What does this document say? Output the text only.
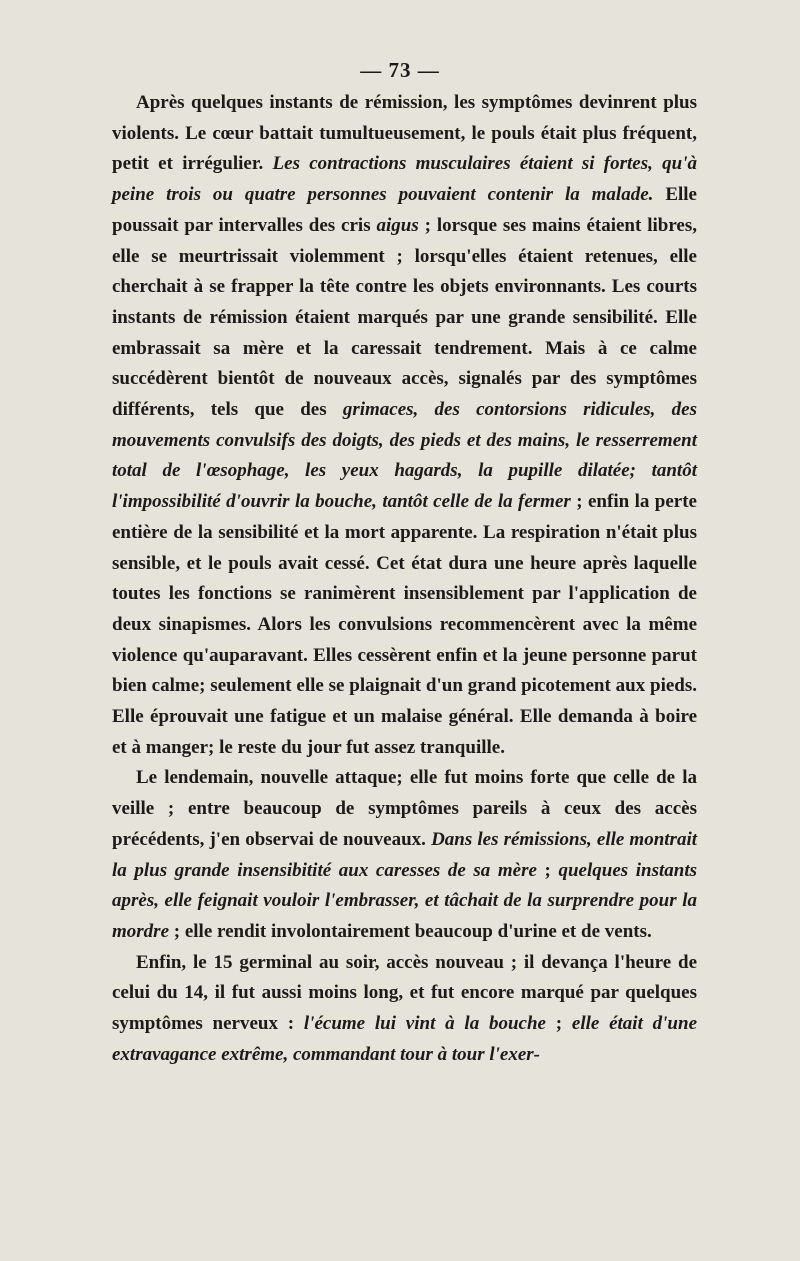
— 73 —

Après quelques instants de rémission, les symptômes devinrent plus violents. Le cœur battait tumultueusement, le pouls était plus fréquent, petit et irrégulier. Les contractions musculaires étaient si fortes, qu'à peine trois ou quatre personnes pouvaient contenir la malade. Elle poussait par intervalles des cris aigus ; lorsque ses mains étaient libres, elle se meurtrissait violemment ; lorsqu'elles étaient retenues, elle cherchait à se frapper la tête contre les objets environnants. Les courts instants de rémission étaient marqués par une grande sensibilité. Elle embrassait sa mère et la caressait tendrement. Mais à ce calme succédèrent bientôt de nouveaux accès, signalés par des symptômes différents, tels que des grimaces, des contorsions ridicules, des mouvements convulsifs des doigts, des pieds et des mains, le resserrement total de l'œsophage, les yeux hagards, la pupille dilatée; tantôt l'impossibilité d'ouvrir la bouche, tantôt celle de la fermer ; enfin la perte entière de la sensibilité et la mort apparente. La respiration n'était plus sensible, et le pouls avait cessé. Cet état dura une heure après laquelle toutes les fonctions se ranimèrent insensiblement par l'application de deux sinapismes. Alors les convulsions recommencèrent avec la même violence qu'auparavant. Elles cessèrent enfin et la jeune personne parut bien calme; seulement elle se plaignait d'un grand picotement aux pieds. Elle éprouvait une fatigue et un malaise général. Elle demanda à boire et à manger; le reste du jour fut assez tranquille.

Le lendemain, nouvelle attaque; elle fut moins forte que celle de la veille ; entre beaucoup de symptômes pareils à ceux des accès précédents, j'en observai de nouveaux. Dans les rémissions, elle montrait la plus grande insensibitité aux caresses de sa mère ; quelques instants après, elle feignait vouloir l'embrasser, et tâchait de la surprendre pour la mordre ; elle rendit involontairement beaucoup d'urine et de vents.

Enfin, le 15 germinal au soir, accès nouveau ; il devança l'heure de celui du 14, il fut aussi moins long, et fut encore marqué par quelques symptômes nerveux : l'écume lui vint à la bouche ; elle était d'une extravagance extrême, commandant tour à tour l'exer-
